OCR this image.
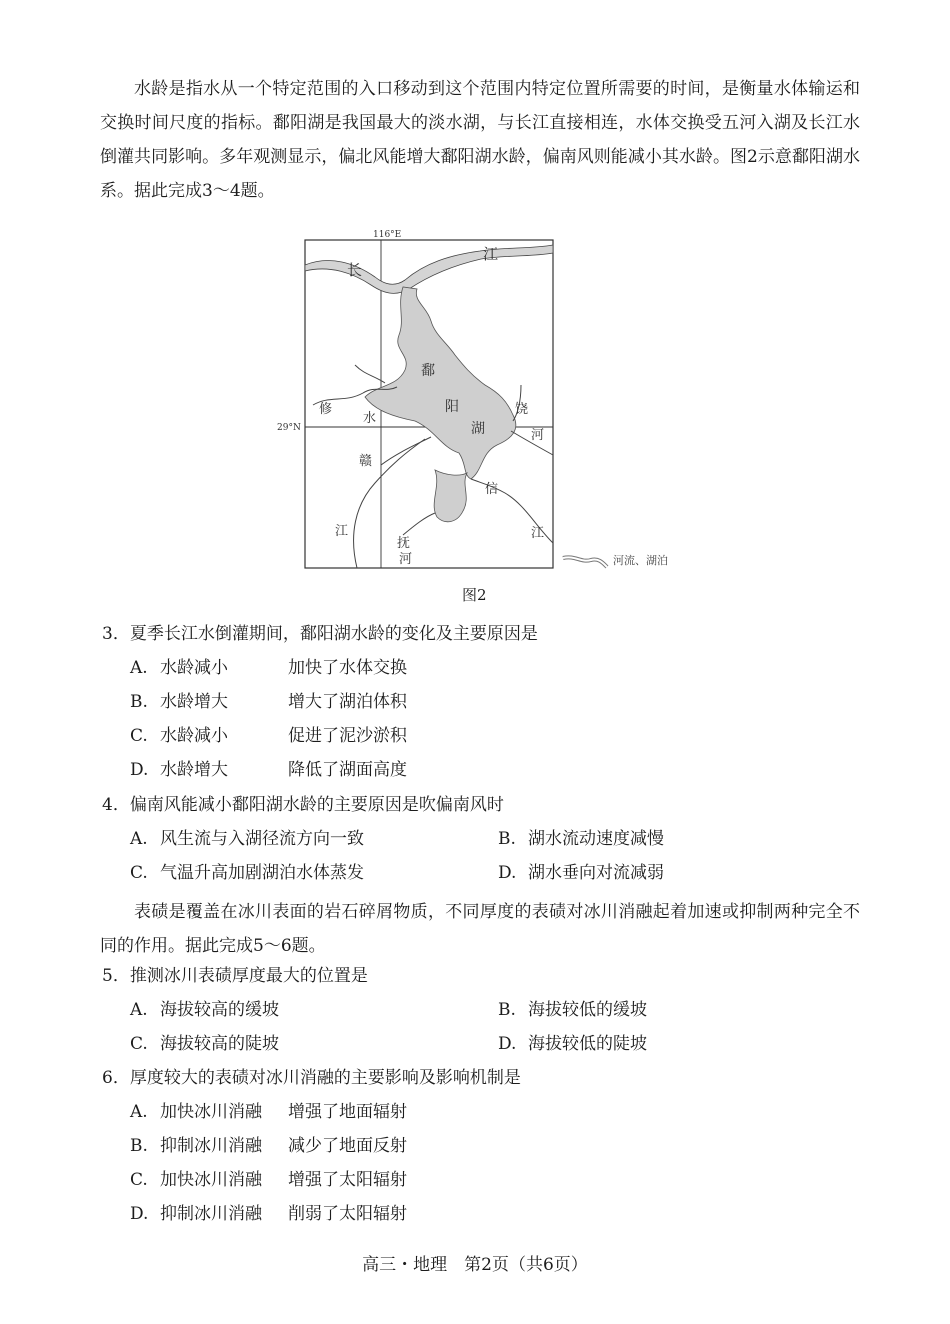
水龄是指水从一个特定范围的入口移动到这个范围内特定位置所需要的时间，是衡量水体输运和交换时间尺度的指标。鄱阳湖是我国最大的淡水湖，与长江直接相连，水体交换受五河入湖及长江水倒灌共同影响。多年观测显示，偏北风能增大鄱阳湖水龄，偏南风则能减小其水龄。图2示意鄱阳湖水系。据此完成3～4题。

116°E
29°N
长
江
鄱
阳
湖
修
水
赣
江
抚
河
信
江
饶
河
河流、湖泊
图2
3．夏季长江水倒灌期间，鄱阳湖水龄的变化及主要原因是
A. 水龄减小	加快了水体交换
B. 水龄增大	增大了湖泊体积
C. 水龄减小	促进了泥沙淤积
D. 水龄增大	降低了湖面高度
4．偏南风能减小鄱阳湖水龄的主要原因是吹偏南风时
A. 风生流与入湖径流方向一致	B. 湖水流动速度减慢
C. 气温升高加剧湖泊水体蒸发	D. 湖水垂向对流减弱

表碛是覆盖在冰川表面的岩石碎屑物质，不同厚度的表碛对冰川消融起着加速或抑制两种完全不同的作用。据此完成5～6题。

5．推测冰川表碛厚度最大的位置是
A. 海拔较高的缓坡	B. 海拔较低的缓坡
C. 海拔较高的陡坡	D. 海拔较低的陡坡
6．厚度较大的表碛对冰川消融的主要影响及影响机制是
A. 加快冰川消融 增强了地面辐射
B. 抑制冰川消融 减少了地面反射
C. 加快冰川消融 增强了太阳辐射
D. 抑制冰川消融 削弱了太阳辐射
高三・地理　第2页（共6页）
